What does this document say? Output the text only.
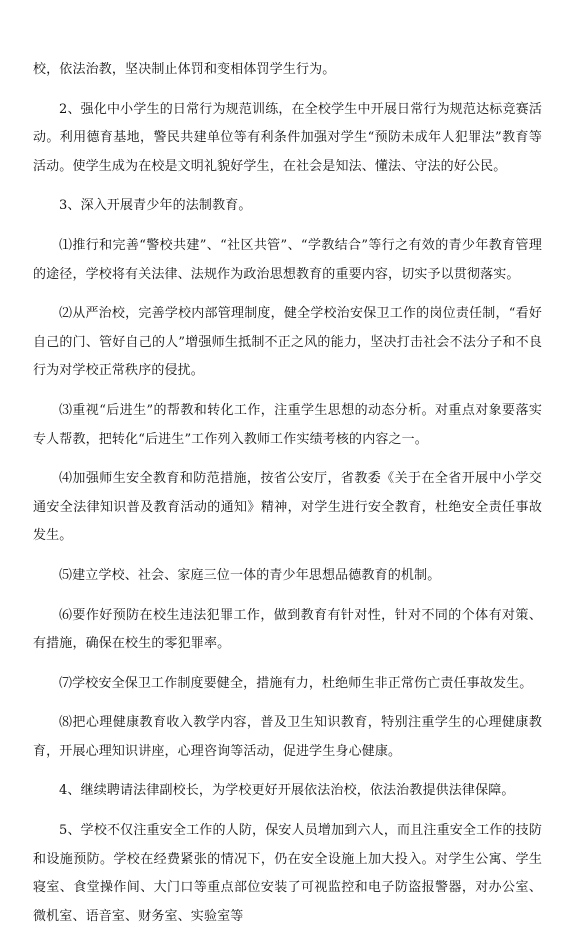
校，依法治教，坚决制止体罚和变相体罚学生行为。

2、强化中小学生的日常行为规范训练，在全校学生中开展日常行为规范达标竞赛活动。利用德育基地，警民共建单位等有利条件加强对学生“预防未成年人犯罪法”教育等活动。使学生成为在校是文明礼貌好学生，在社会是知法、懂法、守法的好公民。

3、深入开展青少年的法制教育。

⑴推行和完善“警校共建”、“社区共管”、“学教结合”等行之有效的青少年教育管理的途径，学校将有关法律、法规作为政治思想教育的重要内容，切实予以贯彻落实。

⑵从严治校，完善学校内部管理制度，健全学校治安保卫工作的岗位责任制，“看好自己的门、管好自己的人”增强师生抵制不正之风的能力，坚决打击社会不法分子和不良行为对学校正常秩序的侵扰。

⑶重视“后进生”的帮教和转化工作，注重学生思想的动态分析。对重点对象要落实专人帮教，把转化“后进生”工作列入教师工作实绩考核的内容之一。

⑷加强师生安全教育和防范措施，按省公安厅，省教委《关于在全省开展中小学交通安全法律知识普及教育活动的通知》精神，对学生进行安全教育，杜绝安全责任事故发生。

⑸建立学校、社会、家庭三位一体的青少年思想品德教育的机制。

⑹要作好预防在校生违法犯罪工作，做到教育有针对性，针对不同的个体有对策、有措施，确保在校生的零犯罪率。

⑺学校安全保卫工作制度要健全，措施有力，杜绝师生非正常伤亡责任事故发生。

⑻把心理健康教育收入教学内容，普及卫生知识教育，特别注重学生的心理健康教育，开展心理知识讲座，心理咨询等活动，促进学生身心健康。

4、继续聘请法律副校长，为学校更好开展依法治校，依法治教提供法律保障。

5、学校不仅注重安全工作的人防，保安人员增加到六人，而且注重安全工作的技防和设施预防。学校在经费紧张的情况下，仍在安全设施上加大投入。对学生公寓、学生寝室、食堂操作间、大门口等重点部位安装了可视监控和电子防盗报警器，对办公室、微机室、语音室、财务室、实验室等
